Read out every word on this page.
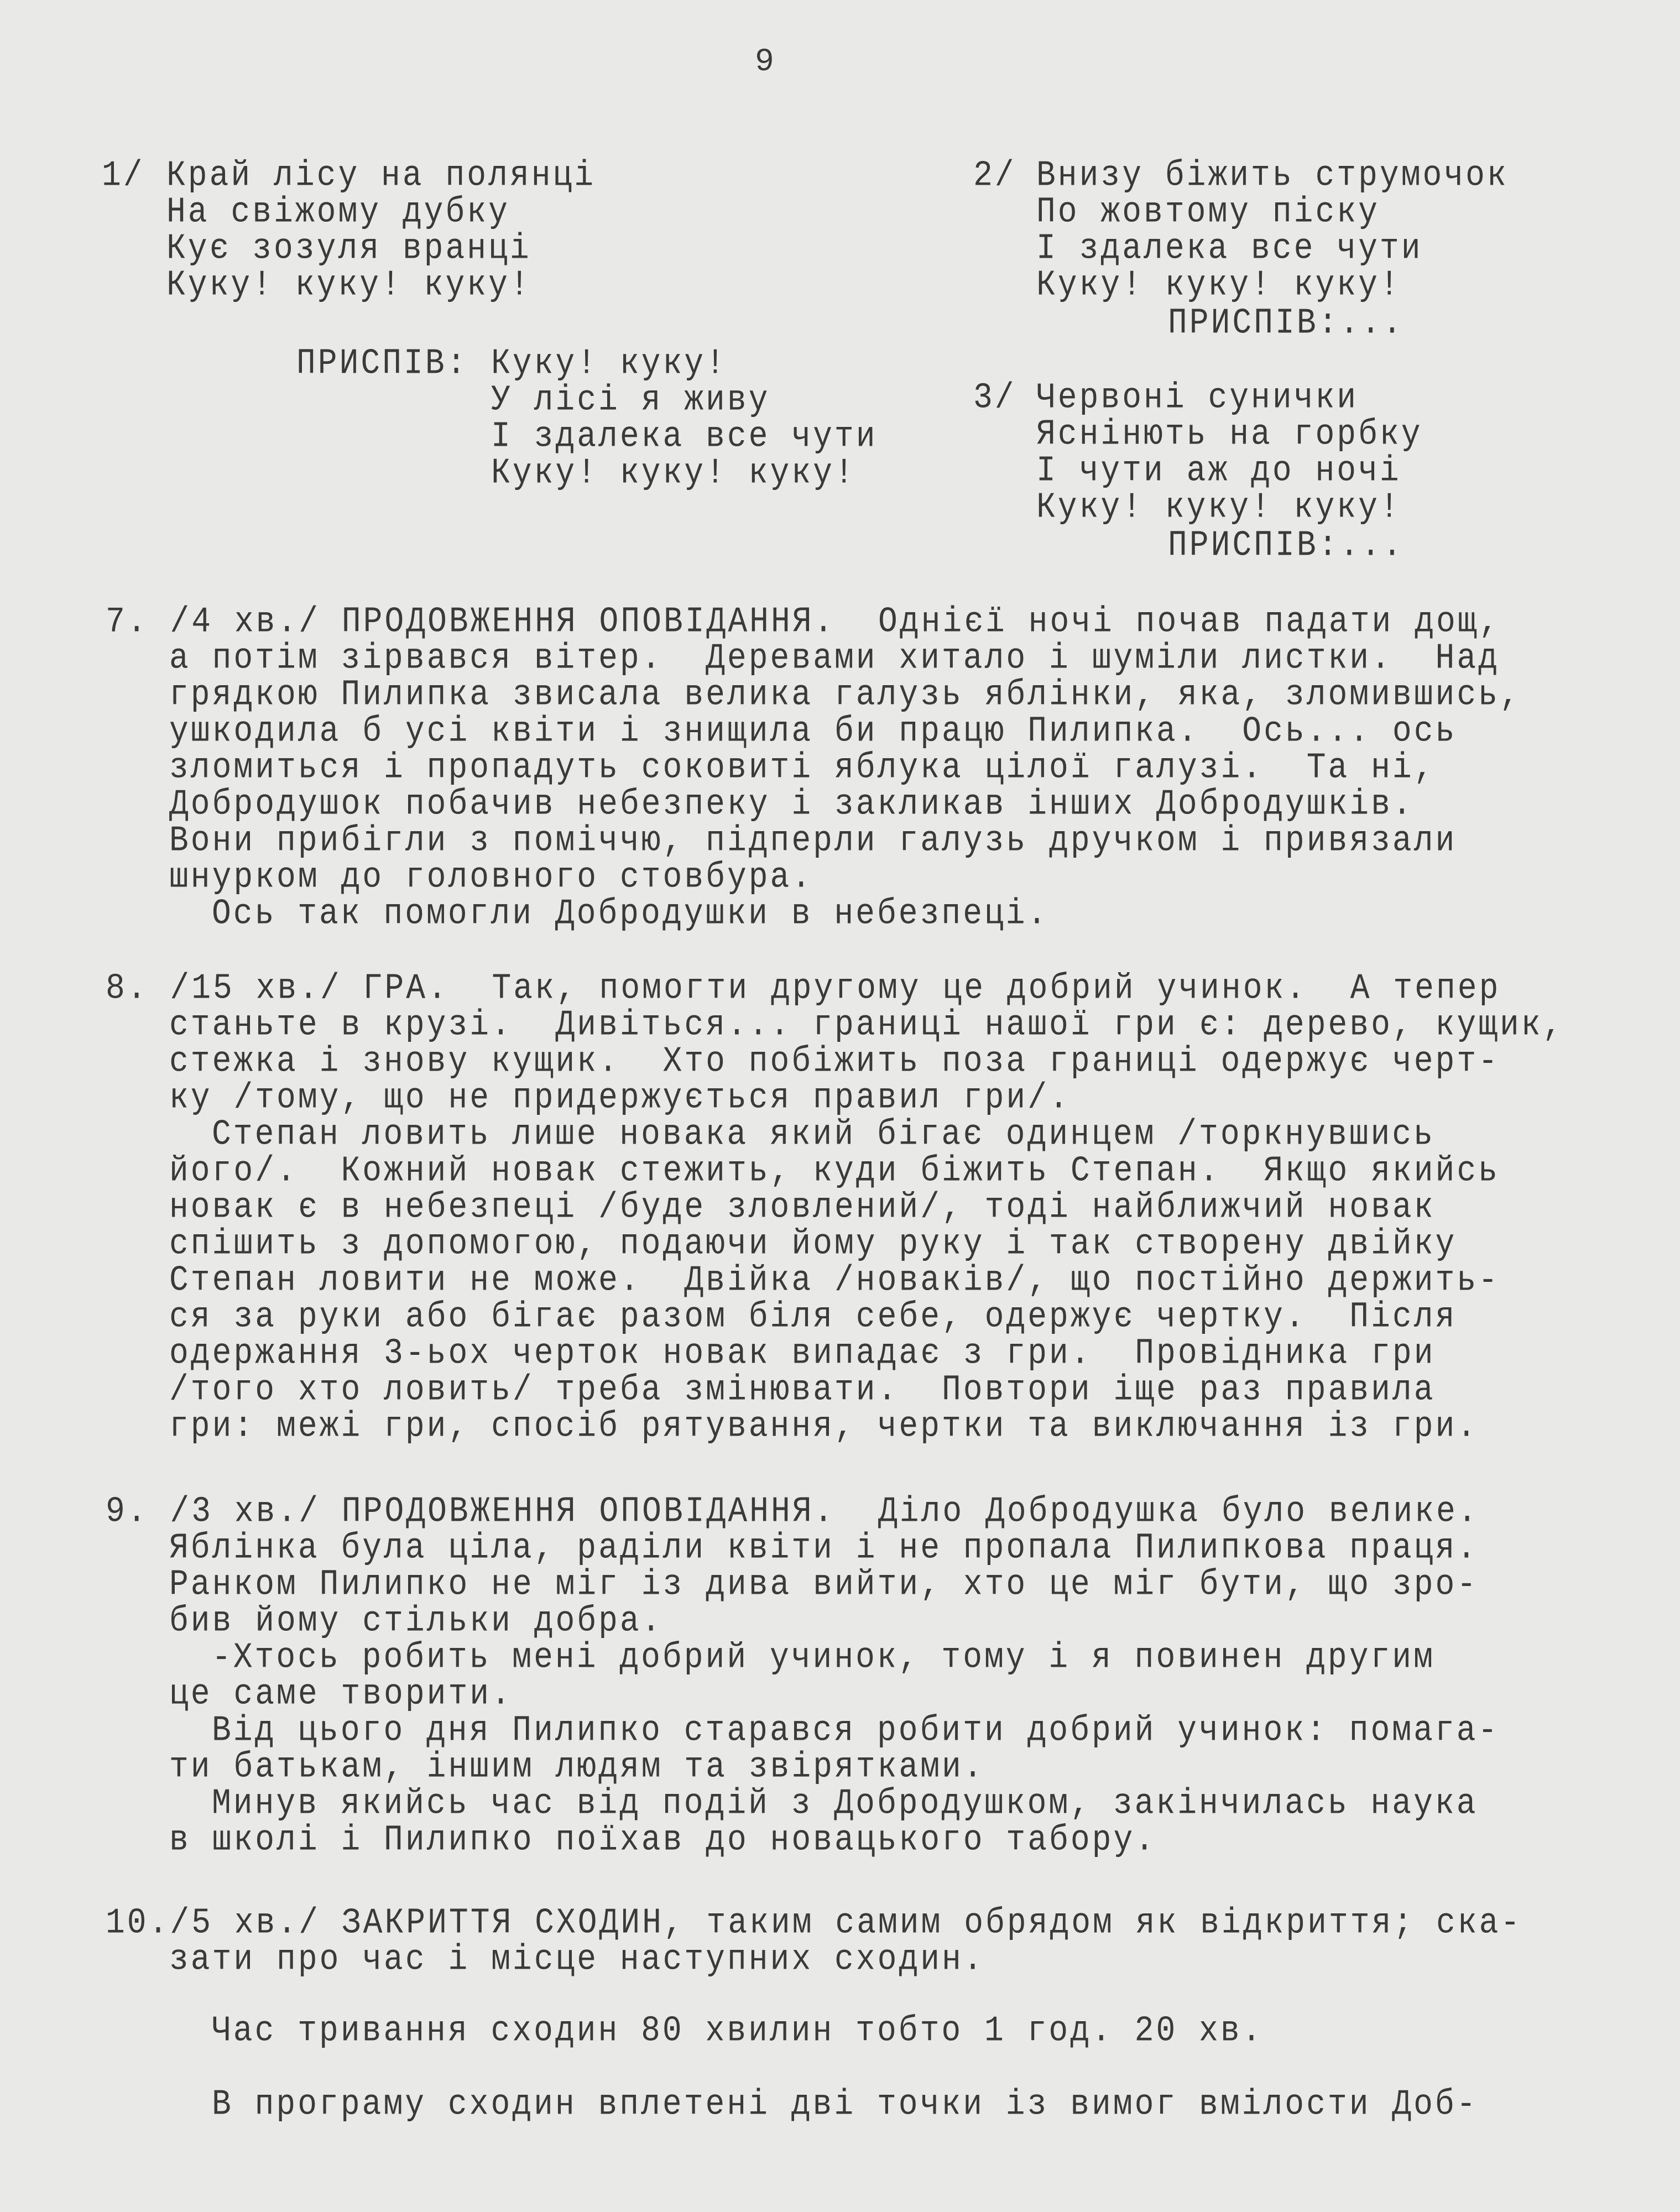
9
1/ Край лісу на полянці
На свіжому дубку
Кує зозуля вранці
Куку! куку! куку!
ПРИСПІВ: Куку! куку!
У лісі я живу
І здалека все чути
Куку! куку! куку!
2/ Внизу біжить струмочок
По жовтому піску
І здалека все чути
Куку! куку! куку!
ПРИСПІВ:...
3/ Червоні сунички
Яснінють на горбку
І чути аж до ночі
Куку! куку! куку!
ПРИСПІВ:...
7. /4 хв./ ПРОДОВЖЕННЯ ОПОВІДАННЯ.  Однієї ночі почав падати дощ,
а потім зірвався вітер.  Деревами хитало і шуміли листки.  Над
грядкою Пилипка звисала велика галузь яблінки, яка, зломившись,
ушкодила б усі квіти і знищила би працю Пилипка.  Ось... ось
зломиться і пропадуть соковиті яблука цілої галузі.  Та ні,
Добродушок побачив небезпеку і закликав інших Добродушків.
Вони прибігли з поміччю, підперли галузь дручком і привязали
шнурком до головного стовбура.
Ось так помогли Добродушки в небезпеці.
8. /15 хв./ ГРА.  Так, помогти другому це добрий учинок.  А тепер
станьте в крузі.  Дивіться... границі нашої гри є: дерево, кущик,
стежка і знову кущик.  Хто побіжить поза границі одержує черт-
ку /тому, що не придержується правил гри/.
Степан ловить лише новака який бігає одинцем /торкнувшись
його/.  Кожний новак стежить, куди біжить Степан.  Якщо якийсь
новак є в небезпеці /буде зловлений/, тоді найближчий новак
спішить з допомогою, подаючи йому руку і так створену двійку
Степан ловити не може.  Двійка /новаків/, що постійно держить-
ся за руки або бігає разом біля себе, одержує чертку.  Після
одержання 3-ьох черток новак випадає з гри.  Провідника гри
/того хто ловить/ треба змінювати.  Повтори іще раз правила
гри: межі гри, спосіб рятування, чертки та виключання із гри.
9. /3 хв./ ПРОДОВЖЕННЯ ОПОВІДАННЯ.  Діло Добродушка було велике.
Яблінка була ціла, раділи квіти і не пропала Пилипкова праця.
Ранком Пилипко не міг із дива вийти, хто це міг бути, що зро-
бив йому стільки добра.
-Хтось робить мені добрий учинок, тому і я повинен другим
це саме творити.
Від цього дня Пилипко старався робити добрий учинок: помага-
ти батькам, іншим людям та звірятками.
Минув якийсь час від подій з Добродушком, закінчилась наука
в школі і Пилипко поїхав до новацького табору.
10./5 хв./ ЗАКРИТТЯ СХОДИН, таким самим обрядом як відкриття; ска-
зати про час і місце наступних сходин.
Час тривання сходин 80 хвилин тобто 1 год. 20 хв.
В програму сходин вплетені дві точки із вимог вмілости Доб-
